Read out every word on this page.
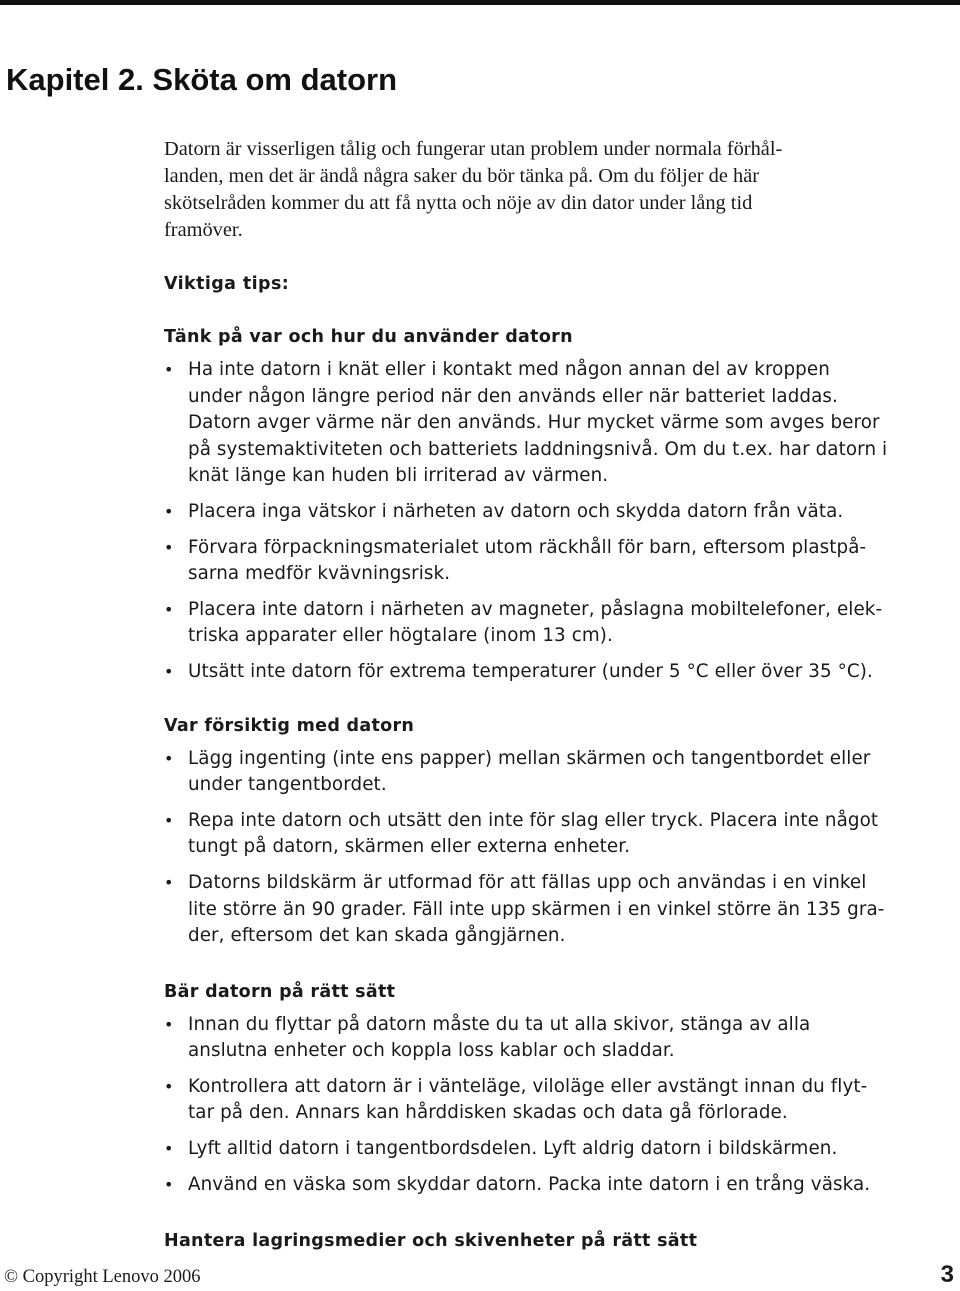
Kapitel 2. Sköta om datorn

Datorn är visserligen tålig och fungerar utan problem under normala förhål-
landen, men det är ändå några saker du bör tänka på. Om du följer de här
skötselråden kommer du att få nytta och nöje av din dator under lång tid
framöver.

Viktiga tips:
Tänk på var och hur du använder datorn
• Ha inte datorn i knät eller i kontakt med någon annan del av kroppen
under någon längre period när den används eller när batteriet laddas.
Datorn avger värme när den används. Hur mycket värme som avges beror
på systemaktiviteten och batteriets laddningsnivå. Om du t.ex. har datorn i
knät länge kan huden bli irriterad av värmen.
• Placera inga vätskor i närheten av datorn och skydda datorn från väta.
• Förvara förpackningsmaterialet utom räckhåll för barn, eftersom plastpå-
sarna medför kvävningsrisk.
• Placera inte datorn i närheten av magneter, påslagna mobiltelefoner, elek-
triska apparater eller högtalare (inom 13 cm).
• Utsätt inte datorn för extrema temperaturer (under 5 °C eller över 35 °C).
Var försiktig med datorn
• Lägg ingenting (inte ens papper) mellan skärmen och tangentbordet eller
under tangentbordet.
• Repa inte datorn och utsätt den inte för slag eller tryck. Placera inte något
tungt på datorn, skärmen eller externa enheter.
• Datorns bildskärm är utformad för att fällas upp och användas i en vinkel
lite större än 90 grader. Fäll inte upp skärmen i en vinkel större än 135 gra-
der, eftersom det kan skada gångjärnen.
Bär datorn på rätt sätt
• Innan du flyttar på datorn måste du ta ut alla skivor, stänga av alla
anslutna enheter och koppla loss kablar och sladdar.
• Kontrollera att datorn är i vänteläge, viloläge eller avstängt innan du flyt-
tar på den. Annars kan hårddisken skadas och data gå förlorade.
• Lyft alltid datorn i tangentbordsdelen. Lyft aldrig datorn i bildskärmen.
• Använd en väska som skyddar datorn. Packa inte datorn i en trång väska.
Hantera lagringsmedier och skivenheter på rätt sätt
© Copyright Lenovo 2006	3
